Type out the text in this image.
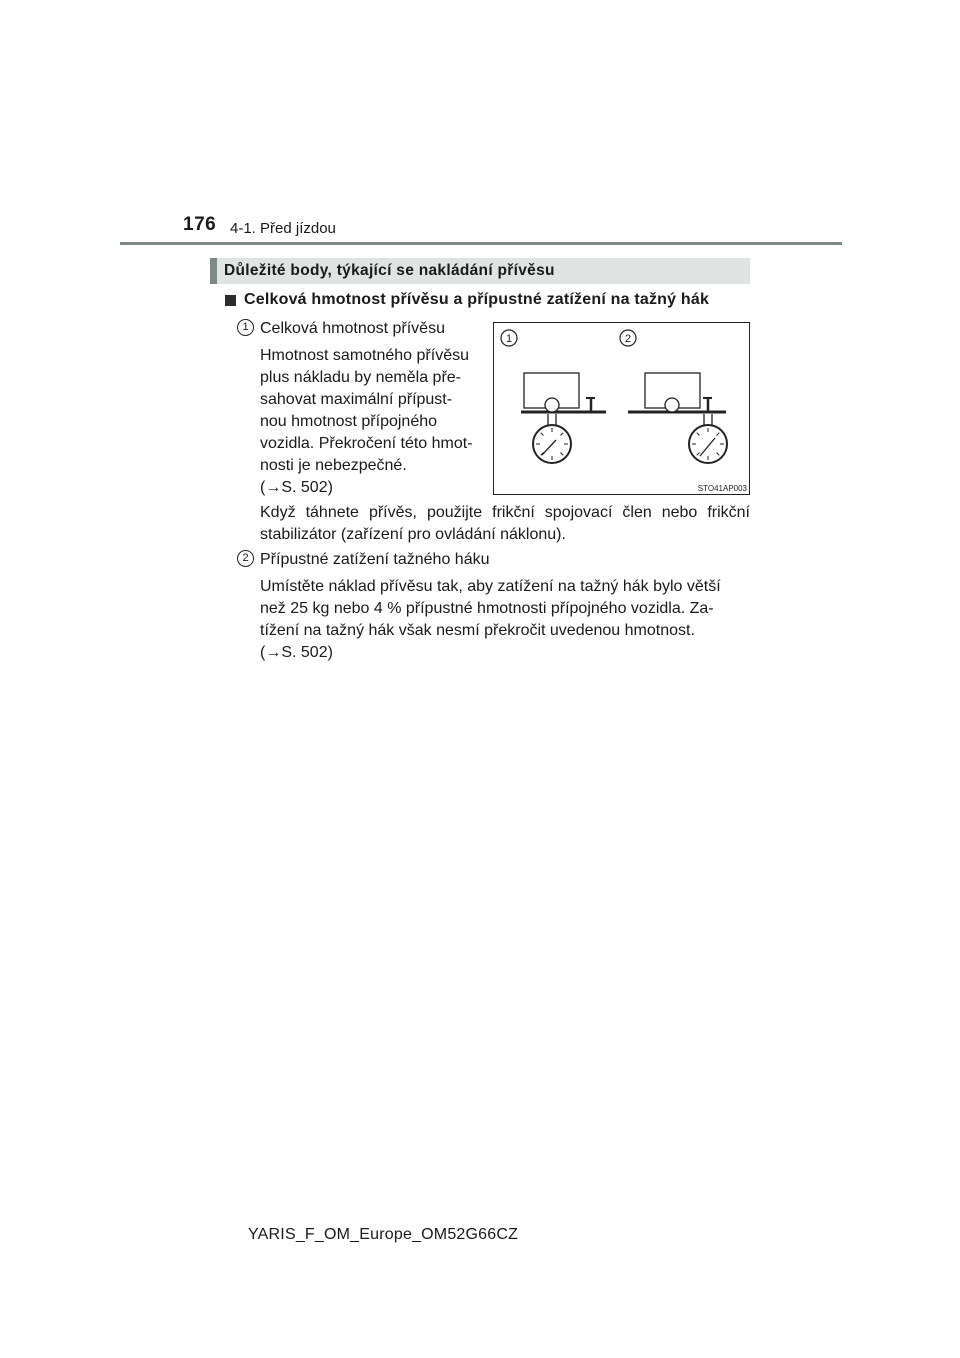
176 4-1. Před jízdou
Důležité body, týkající se nakládání přívěsu
Celková hmotnost přívěsu a přípustné zatížení na tažný hák
1 Celková hmotnost přívěsu
Hmotnost samotného přívěsu
plus nákladu by neměla pře-
sahovat maximální přípust-
nou hmotnost přípojného
vozidla. Překročení této hmot-
nosti je nebezpečné.
(→S. 502)
Když táhnete přívěs, použijte frikční spojovací člen nebo frikční stabilizátor (zařízení pro ovládání náklonu).
1	2
STO41AP003
2 Přípustné zatížení tažného háku
Umístěte náklad přívěsu tak, aby zatížení na tažný hák bylo větší
než 25 kg nebo 4 % přípustné hmotnosti přípojného vozidla. Za-
tížení na tažný hák však nesmí překročit uvedenou hmotnost.
(→S. 502)
YARIS_F_OM_Europe_OM52G66CZ
